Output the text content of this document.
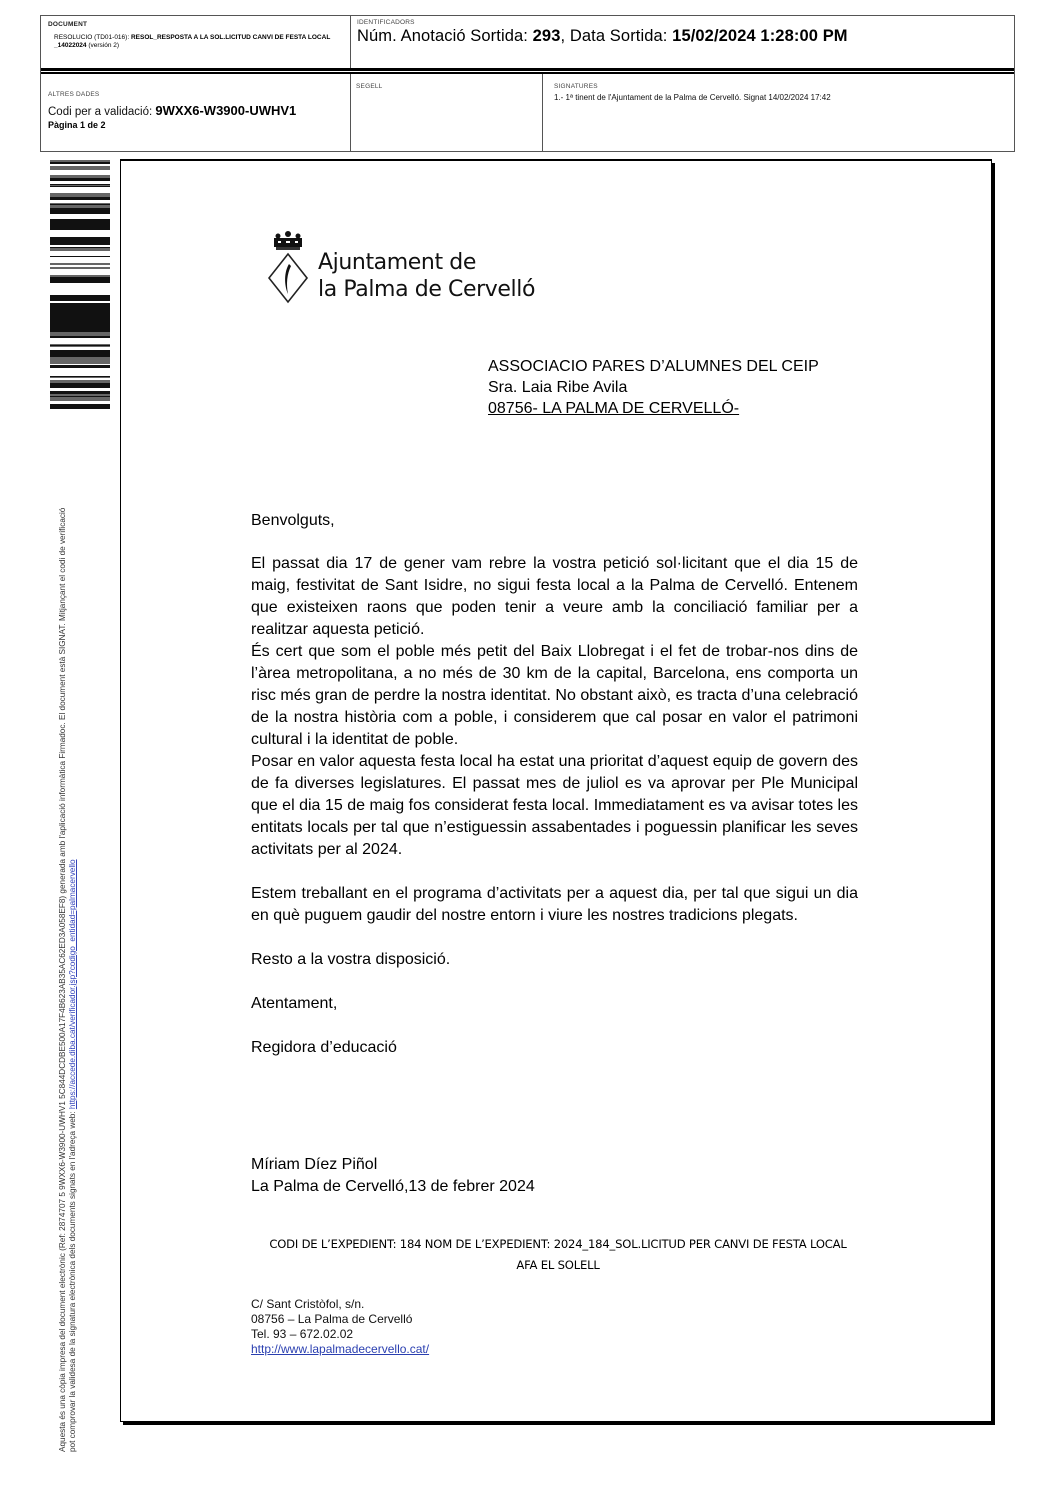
DOCUMENT
RESOLUCIO (TD01-016): RESOL_RESPOSTA A LA SOL.LICITUD CANVI DE FESTA LOCAL _14022024 (versión 2)
IDENTIFICADORS
Núm. Anotació Sortida: 293, Data Sortida: 15/02/2024 1:28:00 PM
ALTRES DADES
Codi per a validació: 9WXX6-W3900-UWHV1
Pàgina 1 de 2
SEGELL	SIGNATURES
1.- 1ª tinent de l'Ajuntament de la Palma de Cervelló. Signat 14/02/2024 17:42
Aquesta és una còpia impresa del document electrònic (Ref: 2874707 5 9WXX6-W3900-UWHV1 5C844DCDBE500A17F4B623AB35AC62ED3A058EF8) generada amb l'aplicació informàtica Firmadoc. El document està SIGNAT. Mitjançant el codi de verificació pot comprovar la validesa de la signatura electrònica dels documents signats en l'adreça web: https://accede.diba.cat/verificador.jsp?codigo_entidad=palmacervello
Ajuntament de
la Palma de Cervelló
ASSOCIACIO PARES D’ALUMNES DEL CEIP
Sra. Laia Ribe Avila
08756- LA PALMA DE CERVELLÓ-

Benvolguts,

El passat dia 17 de gener vam rebre la vostra petició sol·licitant que el dia 15 de maig, festivitat de Sant Isidre, no sigui festa local a la Palma de Cervelló. Entenem que existeixen raons que poden tenir a veure amb la conciliació familiar per a realitzar aquesta petició.

És cert que som el poble més petit del Baix Llobregat i el fet de trobar-nos dins de l’àrea metropolitana, a no més de 30 km de la capital, Barcelona, ens comporta un risc més gran de perdre la nostra identitat. No obstant això, es tracta d’una celebració de la nostra història com a poble, i considerem que cal posar en valor el patrimoni cultural i la identitat de poble.

Posar en valor aquesta festa local ha estat una prioritat d’aquest equip de govern des de fa diverses legislatures. El passat mes de juliol es va aprovar per Ple Municipal que el dia 15 de maig fos considerat festa local. Immediatament es va avisar totes les entitats locals per tal que n’estiguessin assabentades i poguessin planificar les seves activitats per al 2024.

Estem treballant en el programa d’activitats per a aquest dia, per tal que sigui un dia en què puguem gaudir del nostre entorn i viure les nostres tradicions plegats.

Resto a la vostra disposició.

Atentament,

Regidora d’educació

Míriam Díez Piñol
La Palma de Cervelló,13 de febrer 2024
CODI DE L’EXPEDIENT: 184 NOM DE L’EXPEDIENT: 2024_184_SOL.LICITUD PER CANVI DE FESTA LOCAL
AFA EL SOLELL
C/ Sant Cristòfol, s/n.
08756 – La Palma de Cervelló
Tel. 93 – 672.02.02
http://www.lapalmadecervello.cat/
